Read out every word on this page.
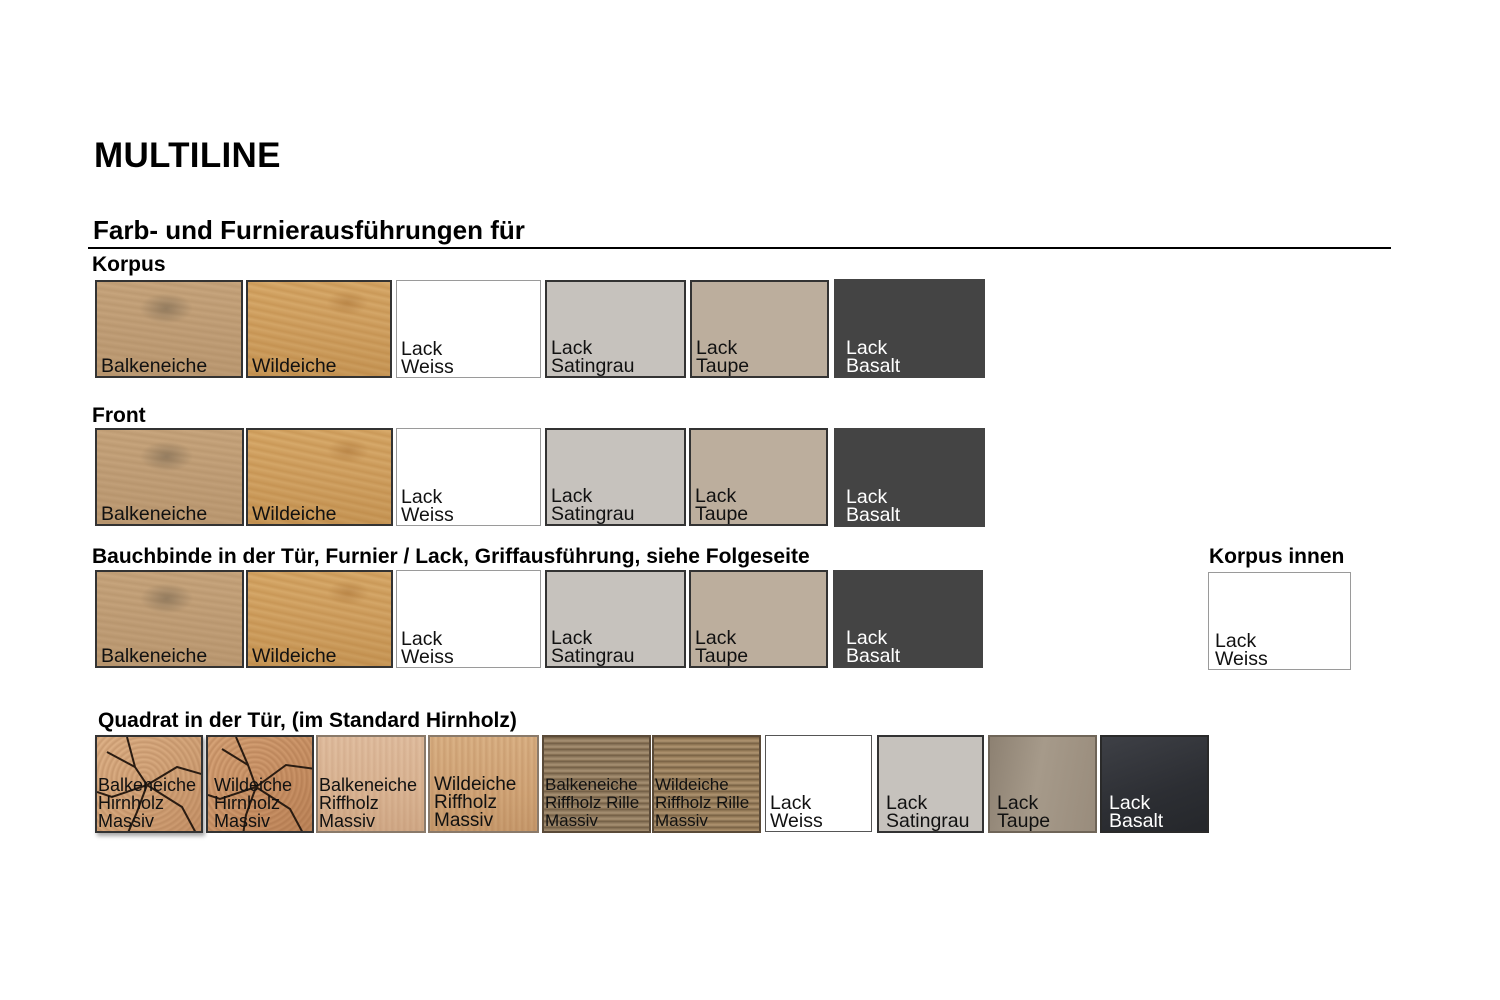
MULTILINE
Farb- und Furnierausführungen für
Korpus
Balkeneiche Wildeiche
Lack
Weiss
Lack
Satingrau
Lack
Taupe
Lack
Basalt
Front
Balkeneiche Wildeiche
Lack
Weiss
Lack
Satingrau
Lack
Taupe
Lack
Basalt
Bauchbinde in der Tür, Furnier / Lack, Griffausführung, siehe Folgeseite
Balkeneiche Wildeiche
Lack
Weiss
Lack
Satingrau
Lack
Taupe
Lack
Basalt
Korpus innen
Lack
Weiss
Quadrat in der Tür, (im Standard Hirnholz)
Balkeneiche
Hirnholz
Massiv
Wildeiche
Hirnholz
Massiv
Balkeneiche
Riffholz
Massiv
Wildeiche
Riffholz
Massiv
Balkeneiche
Riffholz Rille
Massiv
Wildeiche
Riffholz Rille
Massiv
Lack
Weiss
Lack
Satingrau
Lack
Taupe
Lack
Basalt
